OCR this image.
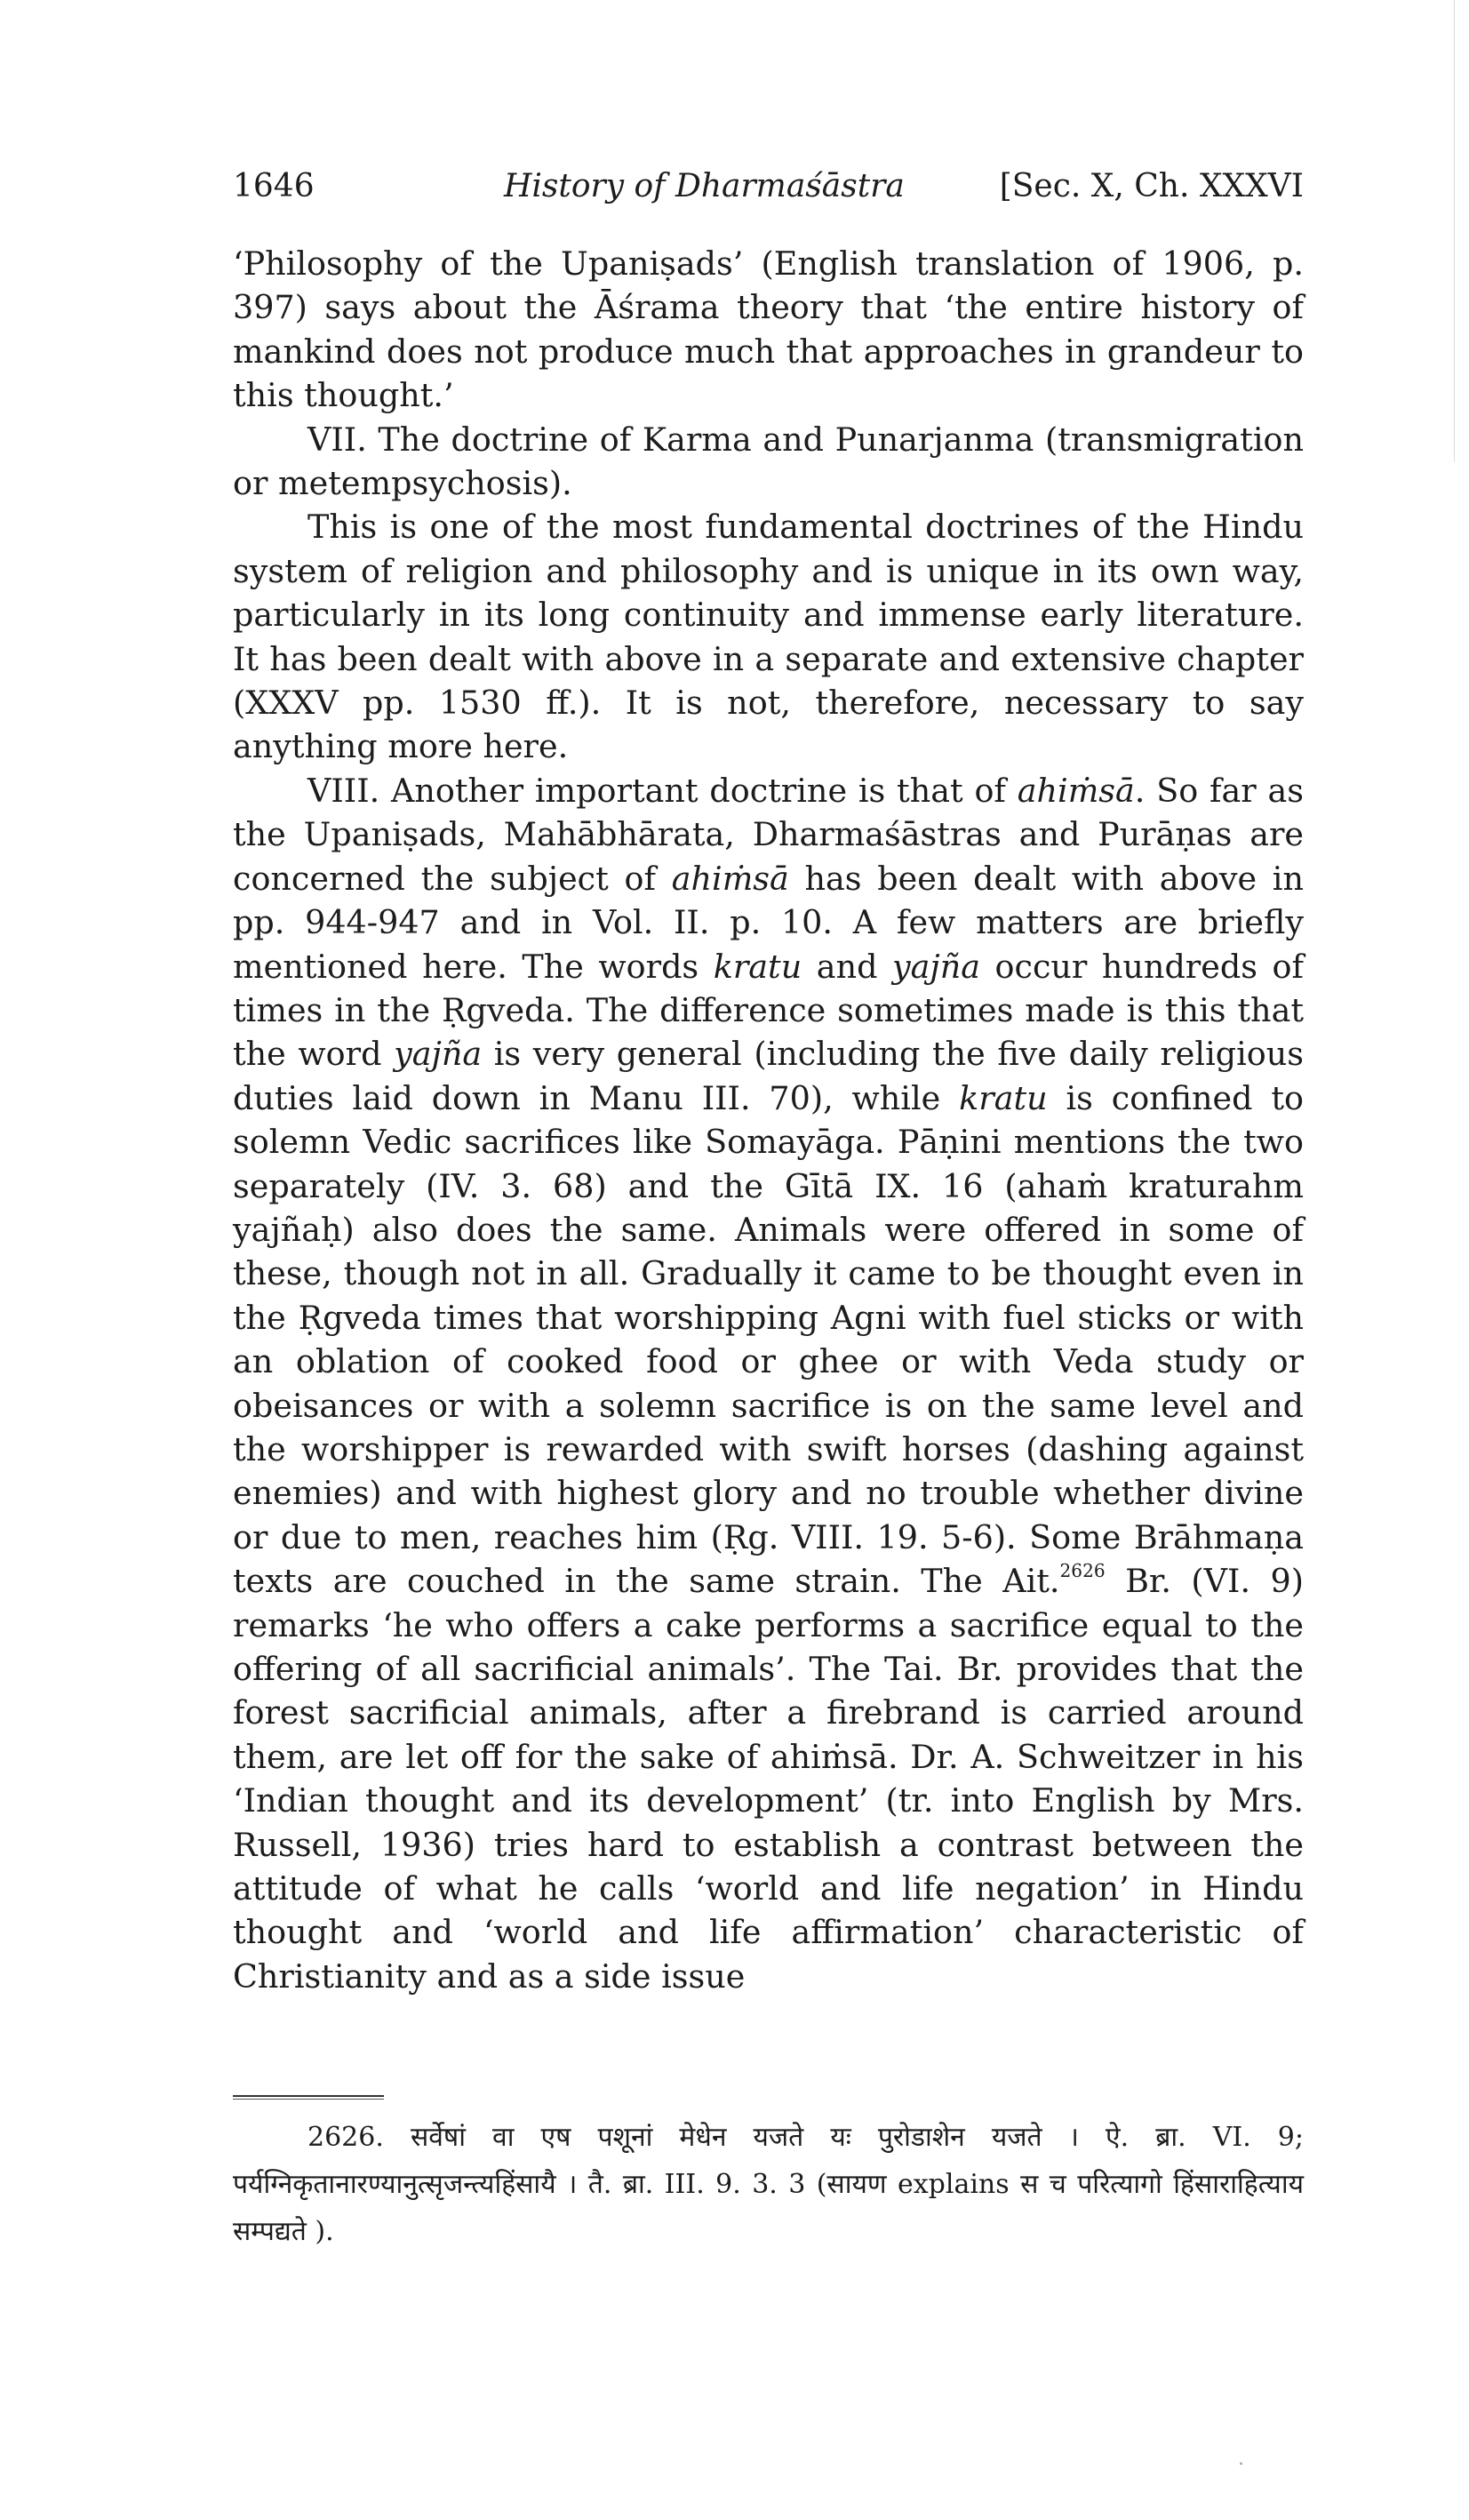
1646	History of Dharmaśāstra	[Sec. X, Ch. XXXVI

‘Philosophy of the Upaniṣads’ (English translation of 1906, p. 397) says about the Āśrama theory that ‘the entire history of mankind does not produce much that approaches in grandeur to this thought.’

VII. The doctrine of Karma and Punarjanma (transmigration or metempsychosis).

This is one of the most fundamental doctrines of the Hindu system of religion and philosophy and is unique in its own way, particularly in its long continuity and immense early literature. It has been dealt with above in a separate and extensive chapter (XXXV pp. 1530 ff.). It is not, therefore, necessary to say anything more here.

VIII. Another important doctrine is that of ahiṁsā. So far as the Upaniṣads, Mahābhārata, Dharmaśāstras and Purāṇas are concerned the subject of ahiṁsā has been dealt with above in pp. 944-947 and in Vol. II. p. 10. A few matters are briefly mentioned here. The words kratu and yajña occur hundreds of times in the Ṛgveda. The difference sometimes made is this that the word yajña is very general (including the five daily religious duties laid down in Manu III. 70), while kratu is confined to solemn Vedic sacrifices like Somayāga. Pāṇini mentions the two separately (IV. 3. 68) and the Gītā IX. 16 (ahaṁ kraturahm yajñaḥ) also does the same. Animals were offered in some of these, though not in all. Gradually it came to be thought even in the Ṛgveda times that worshipping Agni with fuel sticks or with an oblation of cooked food or ghee or with Veda study or obeisances or with a solemn sacrifice is on the same level and the worshipper is rewarded with swift horses (dashing against enemies) and with highest glory and no trouble whether divine or due to men, reaches him (Ṛg. VIII. 19. 5-6). Some Brāhmaṇa texts are couched in the same strain. The Ait.$^{2626}$ Br. (VI. 9) remarks ‘he who offers a cake performs a sacrifice equal to the offering of all sacrificial animals’. The Tai. Br. provides that the forest sacrificial animals, after a firebrand is carried around them, are let off for the sake of ahiṁsā. Dr. A. Schweitzer in his ‘Indian thought and its development’ (tr. into English by Mrs. Russell, 1936) tries hard to establish a contrast between the attitude of what he calls ‘world and life negation’ in Hindu thought and ‘world and life affirmation’ characteristic of Christianity and as a side issue

2626. सर्वेषां वा एष पशूनां मेधेन यजते यः पुरोडाशेन यजते । ऐ. ब्रा. VI. 9; पर्यग्निकृतानारण्यानुत्सृजन्त्यहिंसायै । तै. ब्रा. III. 9. 3. 3 (सायण explains स च परित्यागो हिंसाराहित्याय सम्पद्यते ).
